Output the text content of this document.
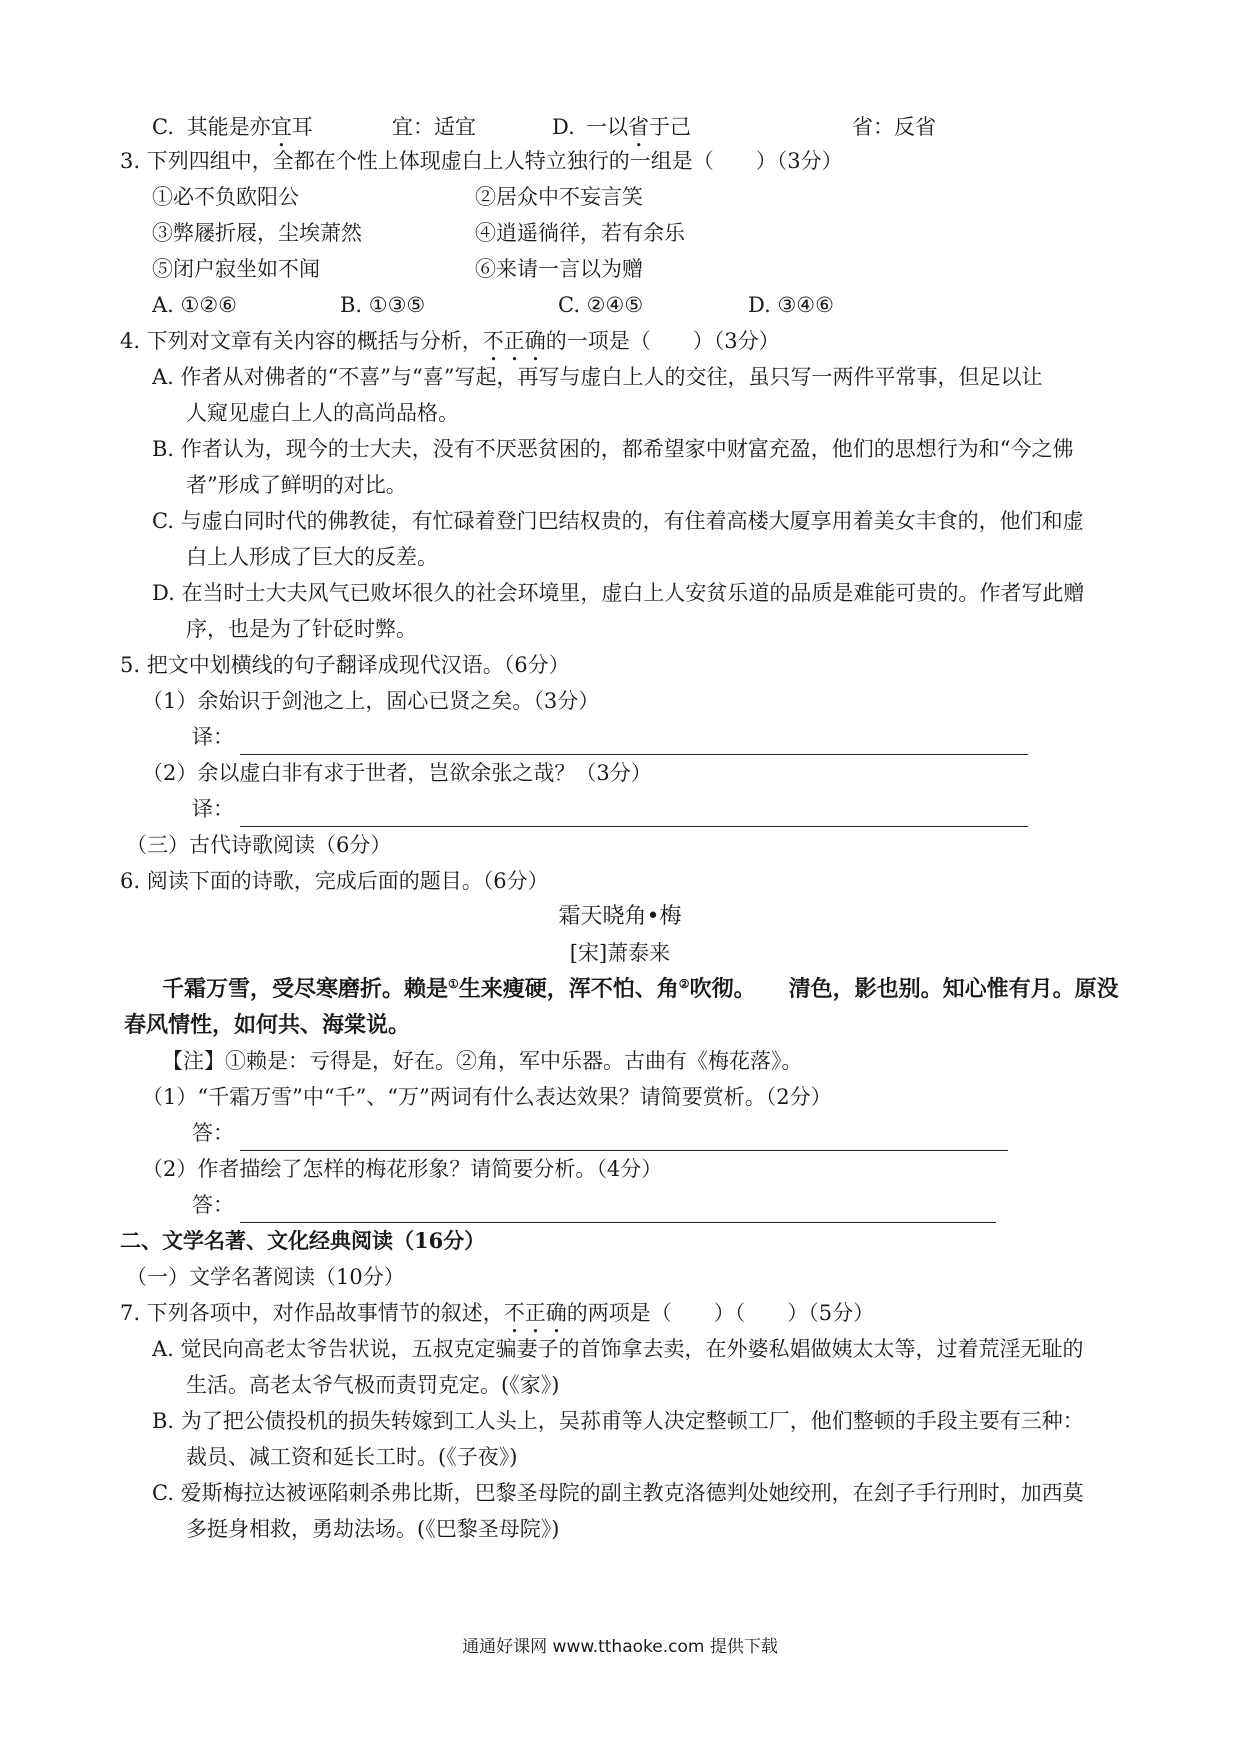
C. 其能是亦宜耳	宜：适宜	D. 一以省于己	省：反省
3. 下列四组中，全都在个性上体现虚白上人特立独行的一组是（　　）（3分）
①必不负欧阳公	②居众中不妄言笑
③弊屦折屐，尘埃萧然	④逍遥徜徉，若有余乐
⑤闭户寂坐如不闻	⑥来请一言以为赠
A. ①②⑥	B. ①③⑤	C. ②④⑤	D. ③④⑥
4. 下列对文章有关内容的概括与分析，不正确的一项是（　　）（3分）
A. 作者从对佛者的“不喜”与“喜”写起，再写与虚白上人的交往，虽只写一两件平常事，但足以让
人窥见虚白上人的高尚品格。
B. 作者认为，现今的士大夫，没有不厌恶贫困的，都希望家中财富充盈，他们的思想行为和“今之佛
者”形成了鲜明的对比。
C. 与虚白同时代的佛教徒，有忙碌着登门巴结权贵的，有住着高楼大厦享用着美女丰食的，他们和虚
白上人形成了巨大的反差。
D. 在当时士大夫风气已败坏很久的社会环境里，虚白上人安贫乐道的品质是难能可贵的。作者写此赠
序，也是为了针砭时弊。
5. 把文中划横线的句子翻译成现代汉语。（6分）
（1）余始识于剑池之上，固心已贤之矣。（3分）
译：
（2）余以虚白非有求于世者，岂欲余张之哉？（3分）
译：
（三）古代诗歌阅读（6分）
6. 阅读下面的诗歌，完成后面的题目。（6分）
霜天晓角•梅
[宋]萧泰来
千霜万雪，受尽寒磨折。赖是①生来瘦硬，浑不怕、角②吹彻。　　清色，影也别。知心惟有月。原没
春风情性，如何共、海棠说。
【注】①赖是：亏得是，好在。②角，军中乐器。古曲有《梅花落》。
（1）“千霜万雪”中“千”、“万”两词有什么表达效果？请简要赏析。（2分）
答：
（2）作者描绘了怎样的梅花形象？请简要分析。（4分）
答：
二、文学名著、文化经典阅读（16分）
（一）文学名著阅读（10分）
7. 下列各项中，对作品故事情节的叙述，不正确的两项是（　　）（　　）（5分）
A. 觉民向高老太爷告状说，五叔克定骗妻子的首饰拿去卖，在外婆私娼做姨太太等，过着荒淫无耻的
生活。高老太爷气极而责罚克定。(《家》)
B. 为了把公债投机的损失转嫁到工人头上，吴荪甫等人决定整顿工厂，他们整顿的手段主要有三种：
裁员、减工资和延长工时。(《子夜》)
C. 爱斯梅拉达被诬陷刺杀弗比斯，巴黎圣母院的副主教克洛德判处她绞刑，在刽子手行刑时，加西莫
多挺身相救，勇劫法场。(《巴黎圣母院》)
通通好课网 www.tthaoke.com 提供下载
